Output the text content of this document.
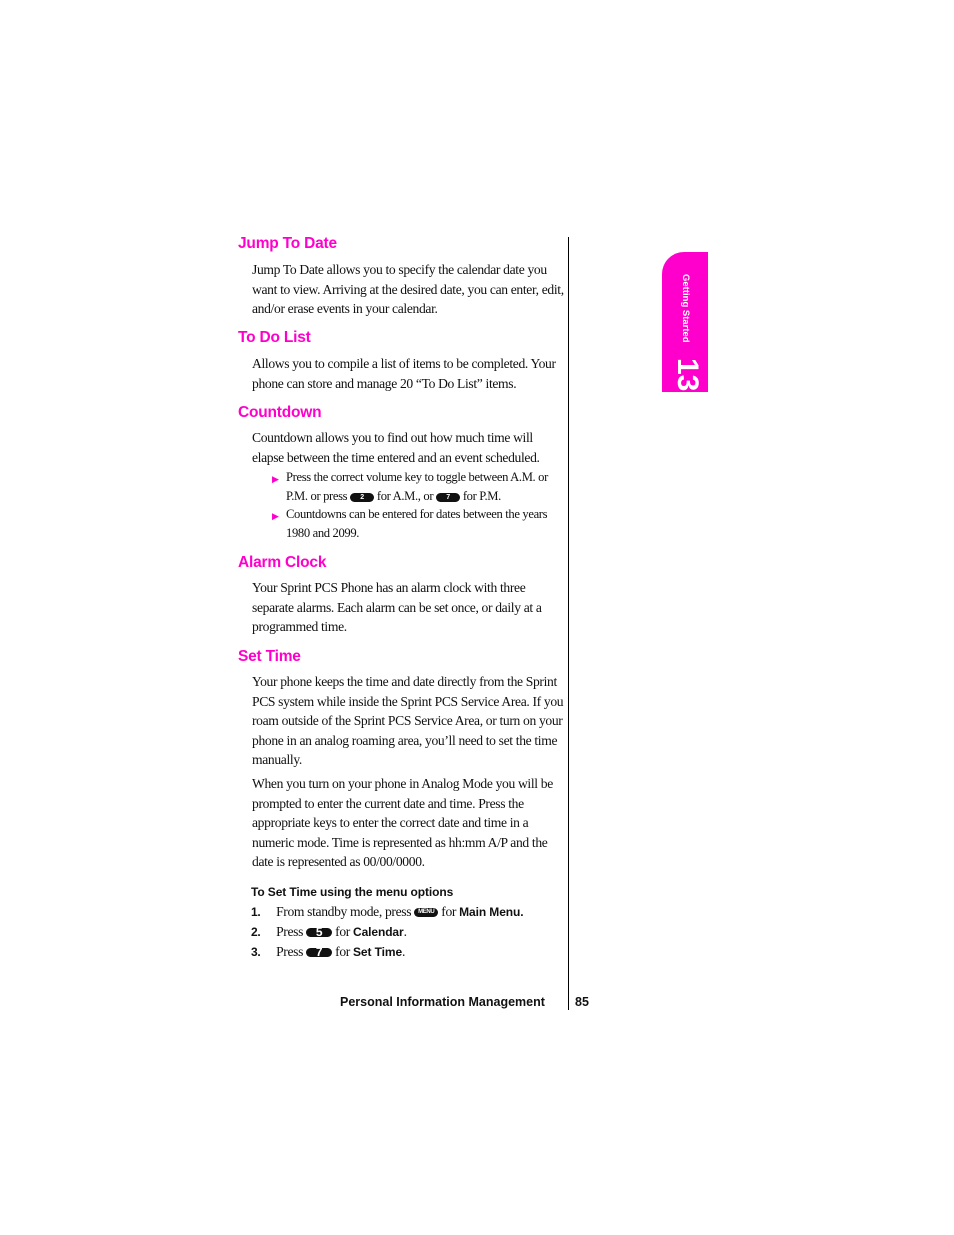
Jump To Date
Jump To Date allows you to specify the calendar date you want to view. Arriving at the desired date, you can enter, edit, and/or erase events in your calendar.
To Do List
Allows you to compile a list of items to be completed. Your phone can store and manage 20 “To Do List” items.
Countdown
Countdown allows you to find out how much time will elapse between the time entered and an event scheduled.
▶ Press the correct volume key to toggle between A.M. or
P.M. or press 2 for A.M., or 7 for P.M.
▶ Countdowns can be entered for dates between the years 1980 and 2099.
Alarm Clock
Your Sprint PCS Phone has an alarm clock with three separate alarms. Each alarm can be set once, or daily at a programmed time.
Set Time
Your phone keeps the time and date directly from the Sprint PCS system while inside the Sprint PCS Service Area. If you roam outside of the Sprint PCS Service Area, or turn on your phone in an analog roaming area, you’ll need to set the time manually.
When you turn on your phone in Analog Mode you will be prompted to enter the current date and time. Press the appropriate keys to enter the correct date and time in a numeric mode. Time is represented as hh:mm A/P and the date is represented as 00/00/0000.
To Set Time using the menu options
1. From standby mode, press MENU for Main Menu.
2. Press 5 for Calendar.
3. Press 7 for Set Time.
Personal Information Management 85
Getting Started
13
